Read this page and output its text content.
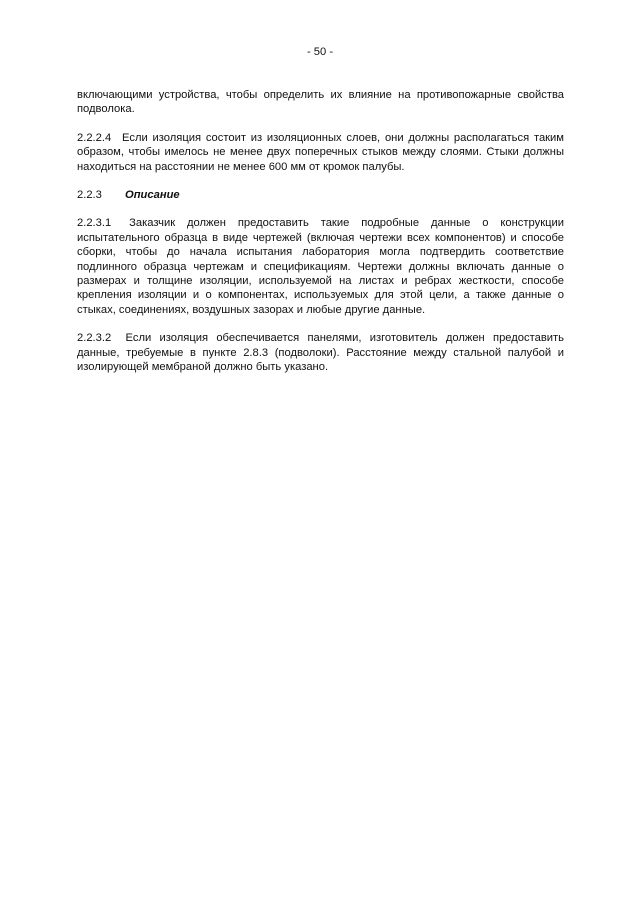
- 50 -

включающими устройства, чтобы определить их влияние на противопожарные свойства подволока.

2.2.2.4 Если изоляция состоит из изоляционных слоев, они должны располагаться таким образом, чтобы имелось не менее двух поперечных стыков между слоями. Стыки должны находиться на расстоянии не менее 600 мм от кромок палубы.

2.2.3	Описание

2.2.3.1 Заказчик должен предоставить такие подробные данные о конструкции испытательного образца в виде чертежей (включая чертежи всех компонентов) и способе сборки, чтобы до начала испытания лаборатория могла подтвердить соответствие подлинного образца чертежам и спецификациям. Чертежи должны включать данные о размерах и толщине изоляции, используемой на листах и ребрах жесткости, способе крепления изоляции и о компонентах, используемых для этой цели, а также данные о стыках, соединениях, воздушных зазорах и любые другие данные.

2.2.3.2 Если изоляция обеспечивается панелями, изготовитель должен предоставить данные, требуемые в пункте 2.8.3 (подволоки). Расстояние между стальной палубой и изолирующей мембраной должно быть указано.
